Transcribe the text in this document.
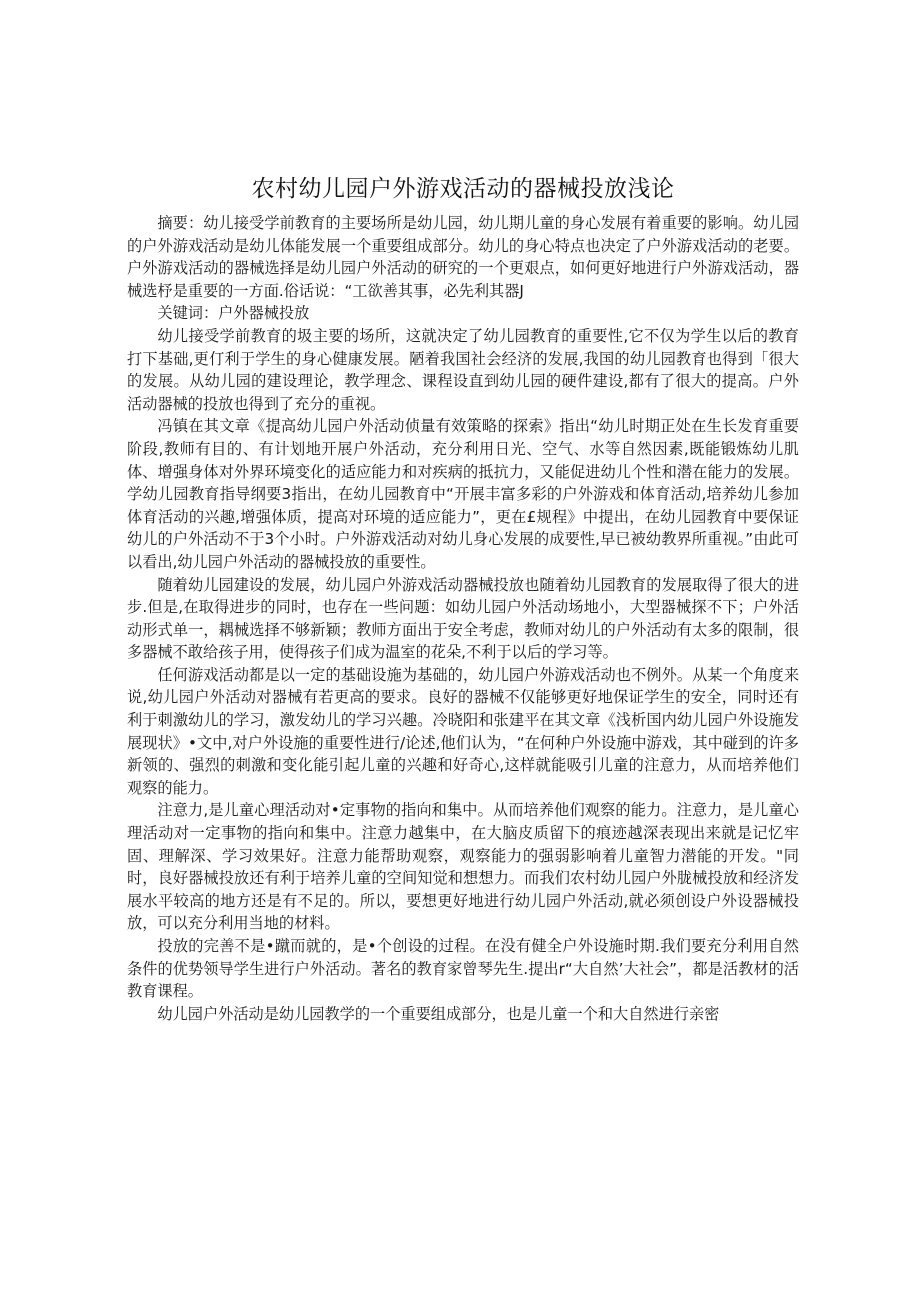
农村幼儿园户外游戏活动的器械投放浅论

摘要：幼儿接受学前教育的主要场所是幼儿园，幼儿期儿童的身心发展有着重要的影响。幼儿园的户外游戏活动是幼儿体能发展一个重要组成部分。幼儿的身心特点也决定了户外游戏活动的老要。户外游戏活动的器械选择是幼儿园户外活动的研究的一个更艰点，如何更好地进行户外游戏活动，器械选杼是重要的一方面.俗话说：“工欲善其事，必先利其器J

关键词：户外器械投放

幼儿接受学前教育的圾主要的场所，这就决定了幼儿园教育的重要性,它不仅为学生以后的教育打下基础,更仃利于学生的身心健康发展。陋着我国社会经济的发展,我国的幼儿园教育也得到「很大的发展。从幼儿园的建设理论，教学理念、课程设直到幼儿园的硬件建设,都有了很大的提高。户外活动器械的投放也得到了充分的重视。

冯镇在其文章《提高幼儿园户外活动侦量有效策略的探索》指出“幼儿时期正处在生长发育重要阶段,教师有目的、有计划地开展户外活动，充分利用日光、空气、水等自然因素,既能锻炼幼儿肌体、增强身体对外界环境变化的适应能力和对疾病的抵抗力，又能促进幼儿个性和潜在能力的发展。学幼儿园教育指导纲要3指出，在幼儿园教育中“开展丰富多彩的户外游戏和体育活动,培养幼儿参加体育活动的兴趣,增强体质，提高对环境的适应能力”，更在£规程》中提出，在幼儿园教育中要保证幼儿的户外活动不于3个小时。户外游戏活动对幼儿身心发展的成要性,早已被幼教界所重视。”由此可以看出,幼儿园户外活动的器械投放的重要性。

随着幼儿园建设的发展，幼儿园户外游戏活动器械投放也随着幼儿园教育的发展取得了很大的进步.但是,在取得进步的同时，也存在一些问题：如幼儿园户外活动场地小，大型器械探不下；户外活动形式单一，耦械选择不够新颖；教师方面出于安全考虑，教师对幼儿的户外活动有太多的限制，很多器械不敢给孩子用，使得孩子们成为温室的花朵,不利于以后的学习等。

任何游戏活动都是以一定的基础设施为基础的，幼儿园户外游戏活动也不例外。从某一个角度来说,幼儿园户外活动对器械有若更高的要求。良好的器械不仅能够更好地保证学生的安全，同时还有利于刺激幼儿的学习，激发幼儿的学习兴趣。冷晓阳和张建平在其文章《浅析国内幼儿园户外设施发展现状》•文中,对户外设施的重要性进行/论述,他们认为，“在何种户外设施中游戏，其中碰到的许多新领的、强烈的刺激和变化能引起儿童的兴趣和好奇心,这样就能吸引儿童的注意力，从而培养他们观察的能力。

注意力,是儿童心理活动对•定事物的指向和集中。从而培养他们观察的能力。注意力，是儿童心理活动对一定事物的指向和集中。注意力越集中，在大脑皮质留下的痕迹越深表现出来就是记忆牢固、理解深、学习效果好。注意力能帮助观察，观察能力的强弱影响着儿童智力潜能的开发。"同时，良好器械投放还有利于培养儿童的空间知觉和想想力。而我们农村幼儿园户外胧械投放和经济发展水平较高的地方还是有不足的。所以，要想更好地进行幼儿园户外活动,就必须创设户外设器械投放，可以充分利用当地的材料。

投放的完善不是•蹴而就的，是•个创设的过程。在没有健全户外设施时期.我们要充分利用自然条件的优势领导学生进行户外活动。著名的教育家曾琴先生.提出r“大自然’大社会”，都是活教材的活教育课程。

幼儿园户外活动是幼儿园教学的一个重要组成部分，也是儿童一个和大自然进行亲密
